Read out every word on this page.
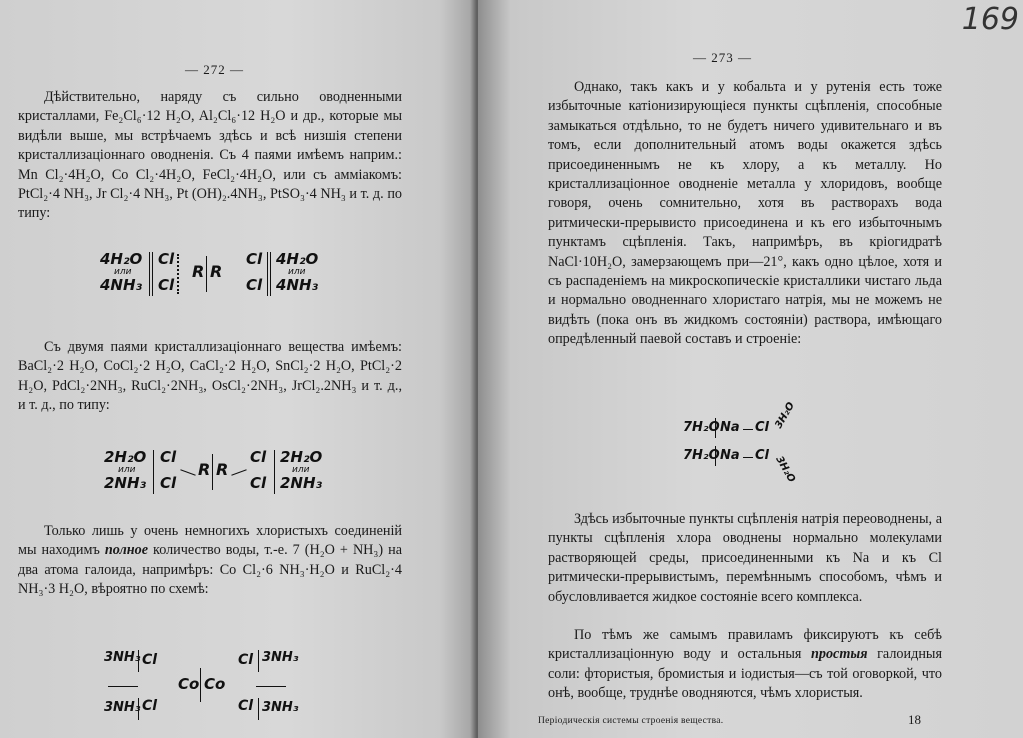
— 272 —

Дѣйствительно, наряду съ сильно оводненными кристаллами, Fe₂Cl₆·12 H₂O, Al₂Cl₆·12 H₂O и др., которые мы видѣли выше, мы встрѣчаемъ здѣсь и всѣ низшія степени кристаллизаціоннаго оводненія. Съ 4 паями имѣемъ наприм.: Mn Cl₂·4H₂O, Co Cl₂·4H₂O, FeCl₂·4H₂O, или съ амміакомъ: PtCl₂·4 NH₃, Jr Cl₂·4 NH₃, Pt (OH)₂.4NH₃, PtSO₃·4 NH₃ и т. д. по типу:

4H₂O
или
4NH₃
Cl
Cl
R R
Cl
Cl
4H₂O
или
4NH₃

Съ двумя паями кристаллизаціоннаго вещества имѣемъ: BaCl₂·2 H₂O, CoCl₂·2 H₂O, CaCl₂·2 H₂O, SnCl₂·2 H₂O, PtCl₂·2 H₂O, PdCl₂·2NH₃, RuCl₂·2NH₃, OsCl₂·2NH₃, JrCl₂.2NH₃ и т. д., и т. д., по типу:

2H₂O
или
2NH₃
Cl
Cl
R R
Cl
Cl
2H₂O
или
2NH₃

Только лишь у очень немногихъ хлористыхъ соединеній мы находимъ полное количество воды, т.-е. 7 (H₂O + NH₃) на два атома галоида, напримѣръ: Co Cl₂·6 NH₃·H₂O и RuCl₂·4 NH₃·3 H₂O, вѣроятно по схемѣ:

3NH₃
3NH₃
Cl
Cl
Co Co
Cl
Cl
3NH₃
3NH₃
169
— 273 —

Однако, такъ какъ и у кобальта и у рутенія есть тоже избыточные катіонизирующіеся пункты сцѣпленія, способные замыкаться отдѣльно, то не будетъ ничего удивительнаго и въ томъ, если дополнительный атомъ воды окажется здѣсь присоединеннымъ не къ хлору, а къ металлу. Но кристаллизаціонное оводненіе металла у хлоридовъ, вообще говоря, очень сомнительно, хотя въ растворахъ вода ритмически-прерывисто присоединена и къ его избыточнымъ пунктамъ сцѣпленія. Такъ, напримѣръ, въ кріогидратѣ NaCl·10H₂O, замерзающемъ при—21°, какъ одно цѣлое, хотя и съ распаденіемъ на микроскопическіе кристаллики чистаго льда и нормально оводненнаго хлористаго натрія, мы не можемъ не видѣть (пока онъ въ жидкомъ состояніи) раствора, имѣющаго опредѣленный паевой составъ и строеніе:

7H₂O
7H₂O
Na
Na
Cl
Cl
3H₂O
3H₂O

Здѣсь избыточные пункты сцѣпленія натрія переоводнены, а пункты сцѣпленія хлора оводнены нормально молекулами растворяющей среды, присоединенными къ Na и къ Cl ритмически-прерывистымъ, перемѣннымъ способомъ, чѣмъ и обусловливается жидкое состояніе всего комплекса.

По тѣмъ же самымъ правиламъ фиксируютъ къ себѣ кристаллизаціонную воду и остальныя простыя галоидныя соли: фтористыя, бромистыя и іодистыя—съ той оговоркой, что онѣ, вообще, труднѣе оводняются, чѣмъ хлористыя.

Періодическія системы строенія вещества.	18
